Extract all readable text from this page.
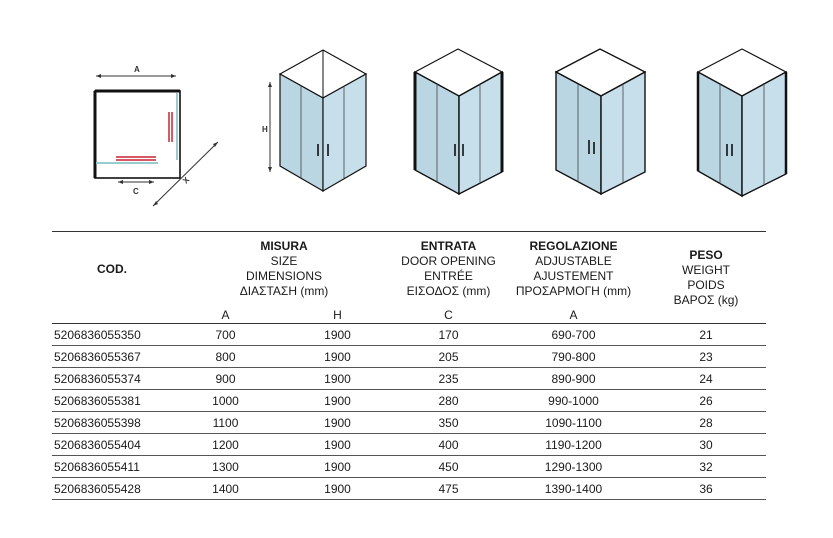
A
C
X
H
COD.	MISURA
SIZE
DIMENSIONS
ΔΙΑΣΤΑΣΗ (mm)		ENTRATA
DOOR OPENING
ENTRÉE
ΕΙΣΟΔΟΣ (mm)	REGOLAZIONE
ADJUSTABLE
AJUSTEMENT
ΠΡΟΣΑΡΜΟΓΗ (mm)	PESO
WEIGHT
POIDS
ΒΑΡΟΣ (kg)

	A	H	C	A	
5206836055350	700	1900	170	690-700	21
5206836055367	800	1900	205	790-800	23
5206836055374	900	1900	235	890-900	24
5206836055381	1000	1900	280	990-1000	26
5206836055398	1100	1900	350	1090-1100	28
5206836055404	1200	1900	400	1190-1200	30
5206836055411	1300	1900	450	1290-1300	32
5206836055428	1400	1900	475	1390-1400	36
